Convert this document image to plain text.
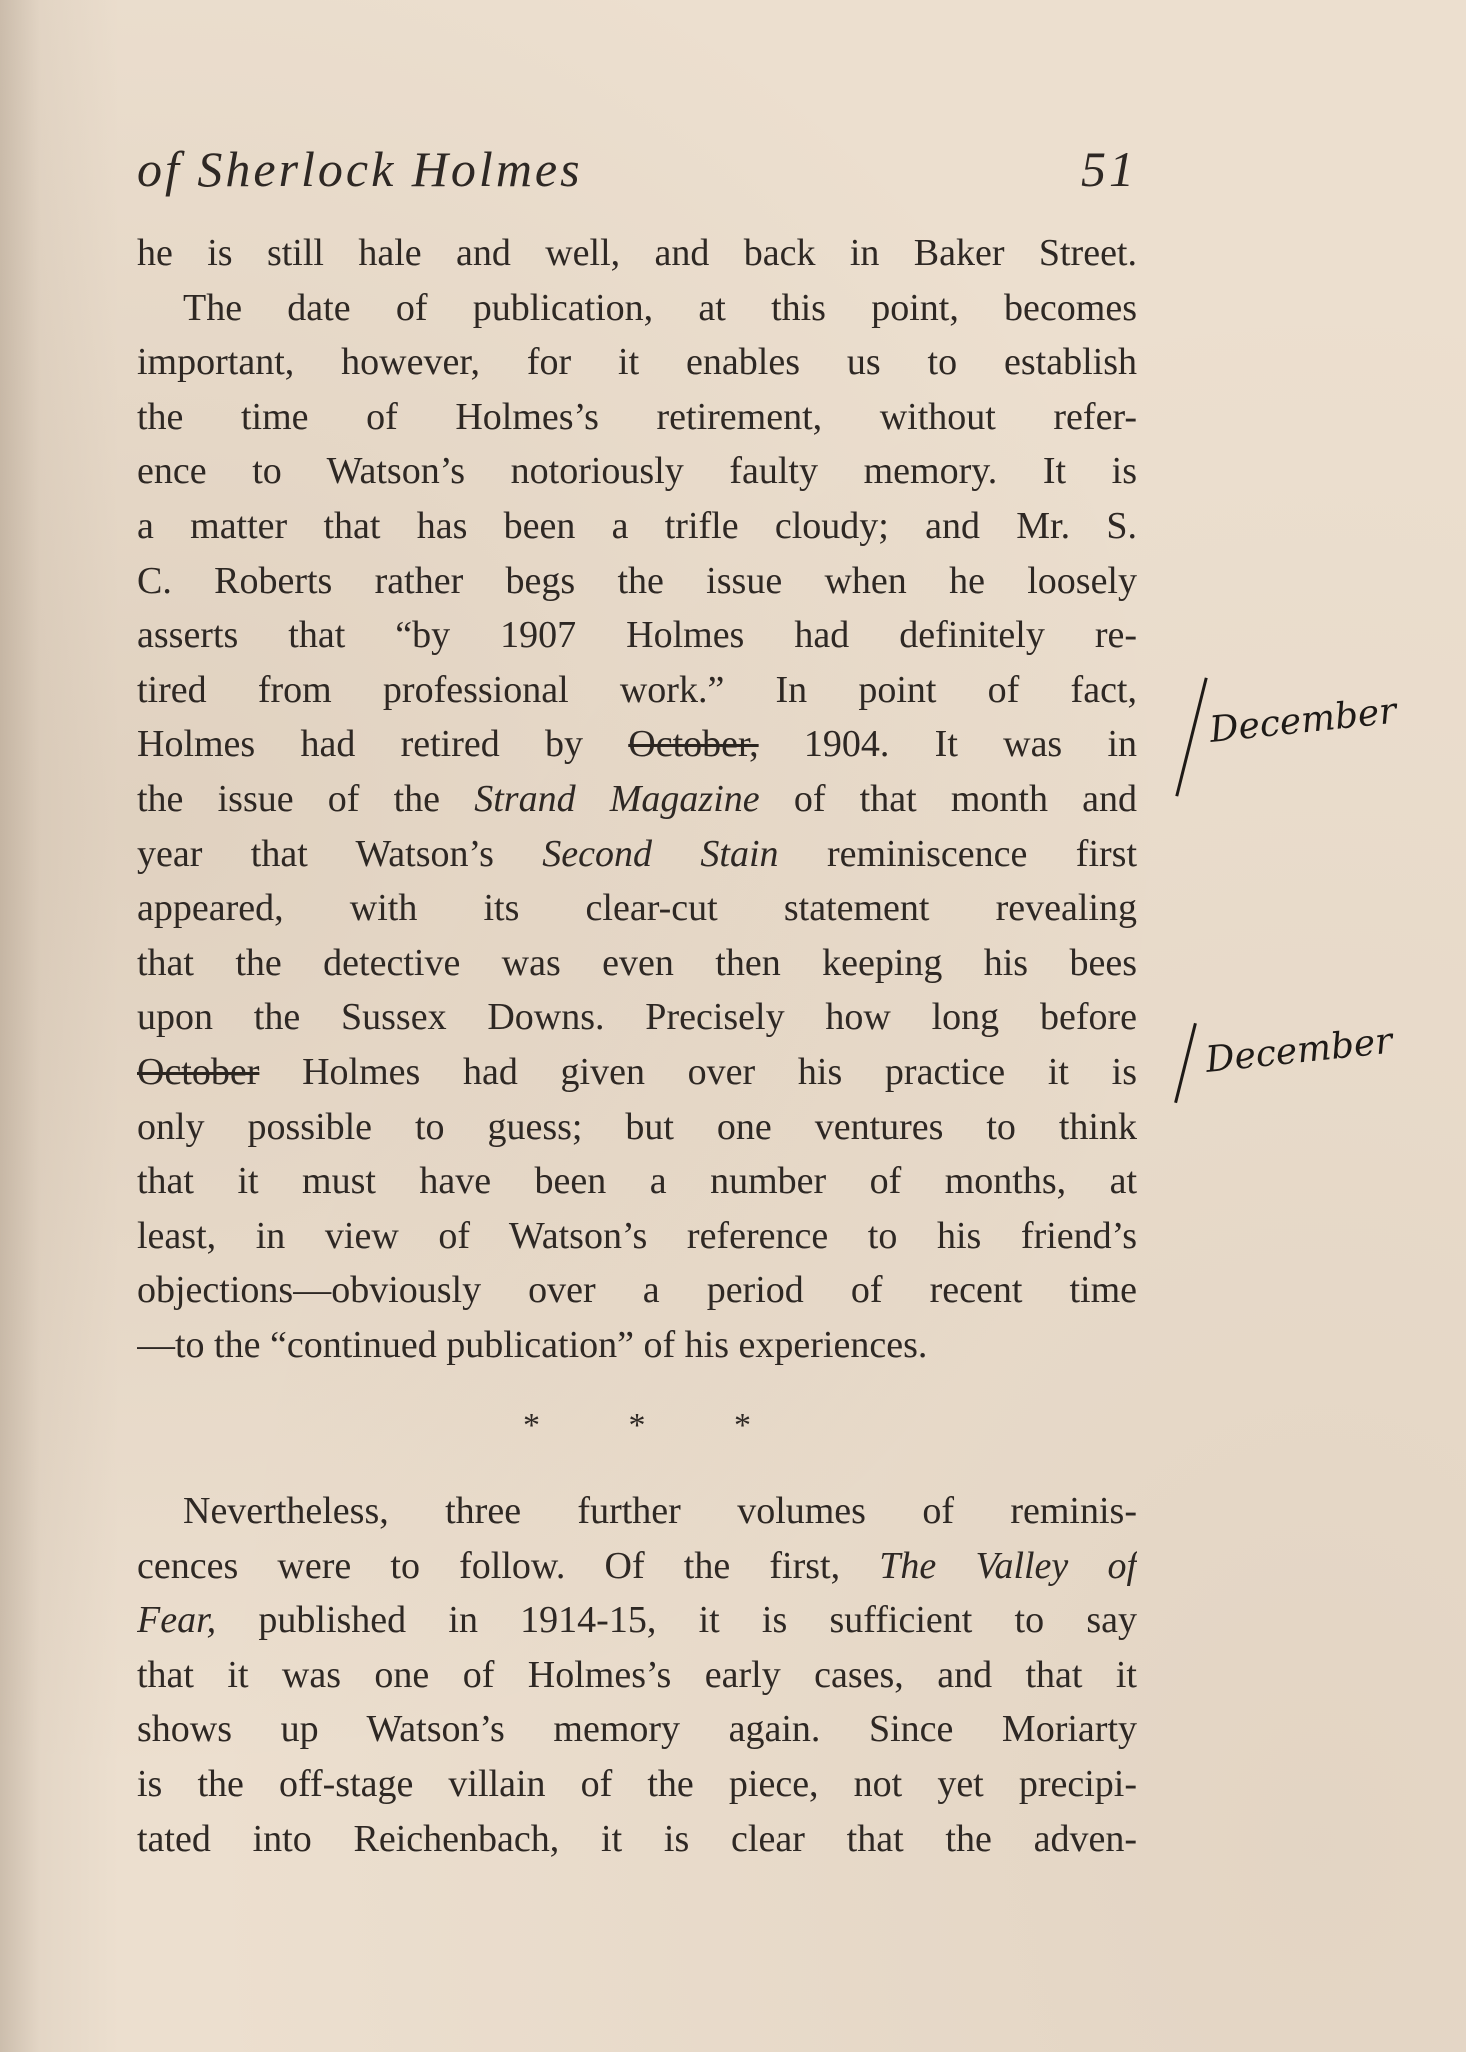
of Sherlock Holmes	51
he is still hale and well, and back in Baker Street.
The date of publication, at this point, becomes
important, however, for it enables us to establish
the time of Holmes’s retirement, without refer-
ence to Watson’s notoriously faulty memory. It is
a matter that has been a trifle cloudy; and Mr. S.
C. Roberts rather begs the issue when he loosely
asserts that “by 1907 Holmes had definitely re-
tired from professional work.” In point of fact,
Holmes had retired by October, 1904. It was in
the issue of the Strand Magazine of that month and
year that Watson’s Second Stain reminiscence first
appeared, with its clear-cut statement revealing
that the detective was even then keeping his bees
upon the Sussex Downs. Precisely how long before
October Holmes had given over his practice it is
only possible to guess; but one ventures to think
that it must have been a number of months, at
least, in view of Watson’s reference to his friend’s
objections—obviously over a period of recent time
—to the “continued publication” of his experiences.
*	*	*
Nevertheless, three further volumes of reminis-
cences were to follow. Of the first, The Valley of
Fear, published in 1914-15, it is sufficient to say
that it was one of Holmes’s early cases, and that it
shows up Watson’s memory again. Since Moriarty
is the off-stage villain of the piece, not yet precipi-
tated into Reichenbach, it is clear that the adven-
December
December
